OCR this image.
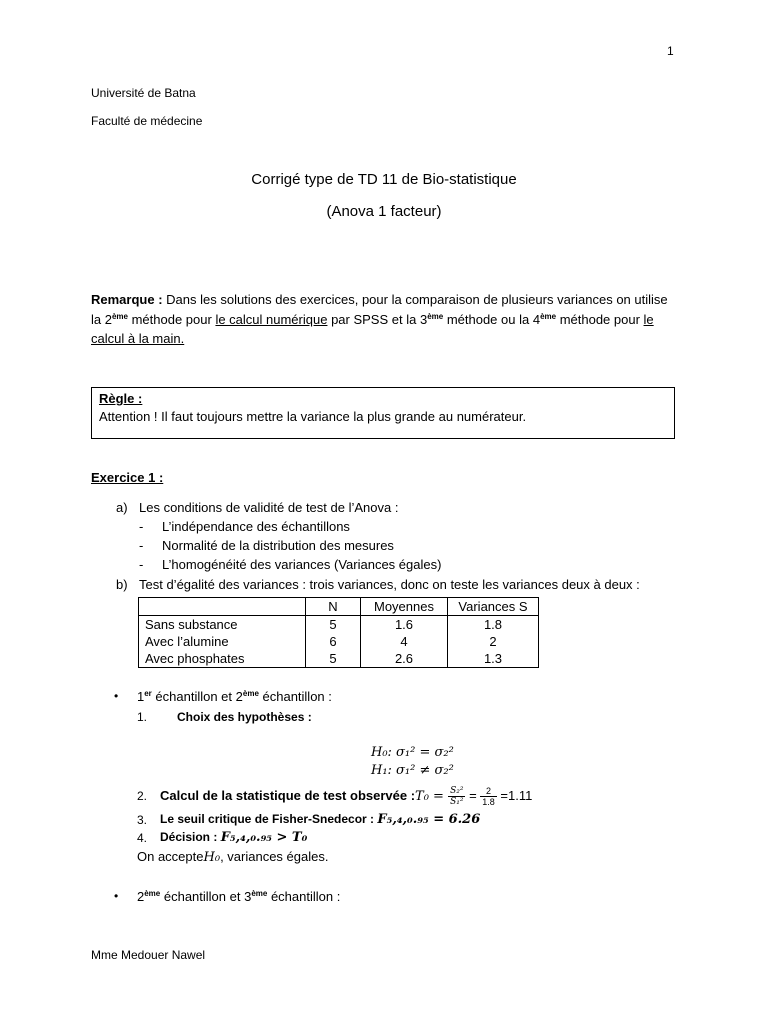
1
Université de Batna
Faculté de médecine
Corrigé type de TD 11 de Bio-statistique
(Anova 1 facteur)
Remarque : Dans les solutions des exercices, pour la comparaison de plusieurs variances on utilise la 2ème méthode pour le calcul numérique par SPSS et la 3ème méthode ou la 4ème méthode pour le calcul à la main.
Règle :
Attention ! Il faut toujours mettre la variance la plus grande au numérateur.
Exercice 1 :
a) Les conditions de validité de test de l’Anova :
- L’indépendance des échantillons
- Normalité de la distribution des mesures
- L’homogénéité des variances (Variances égales)
b) Test d’égalité des variances : trois variances, donc on teste les variances deux à deux :
	N	Moyennes	Variances S
Sans substance	5	1.6	1.8
Avec l’alumine	6	4	2
Avec phosphates	5	2.6	1.3
• 1er échantillon et 2ème échantillon :
1. Choix des hypothèses :
H₀: σ₁² = σ₂²
H₁: σ₁² ≠ σ₂²
2. Calcul de la statistique de test observée :T₀ = $\frac{\text{S₂²}}{\text{S₁²}} = \frac{2}{1.8} =1.11$
3. Le seuil critique de Fisher-Snedecor : F₅,₄,₀.₉₅ = 6.26
4. Décision : F₅,₄,₀.₉₅ > T₀
On accepteH₀, variances égales.
• 2ème échantillon et 3ème échantillon :
Mme Medouer Nawel
